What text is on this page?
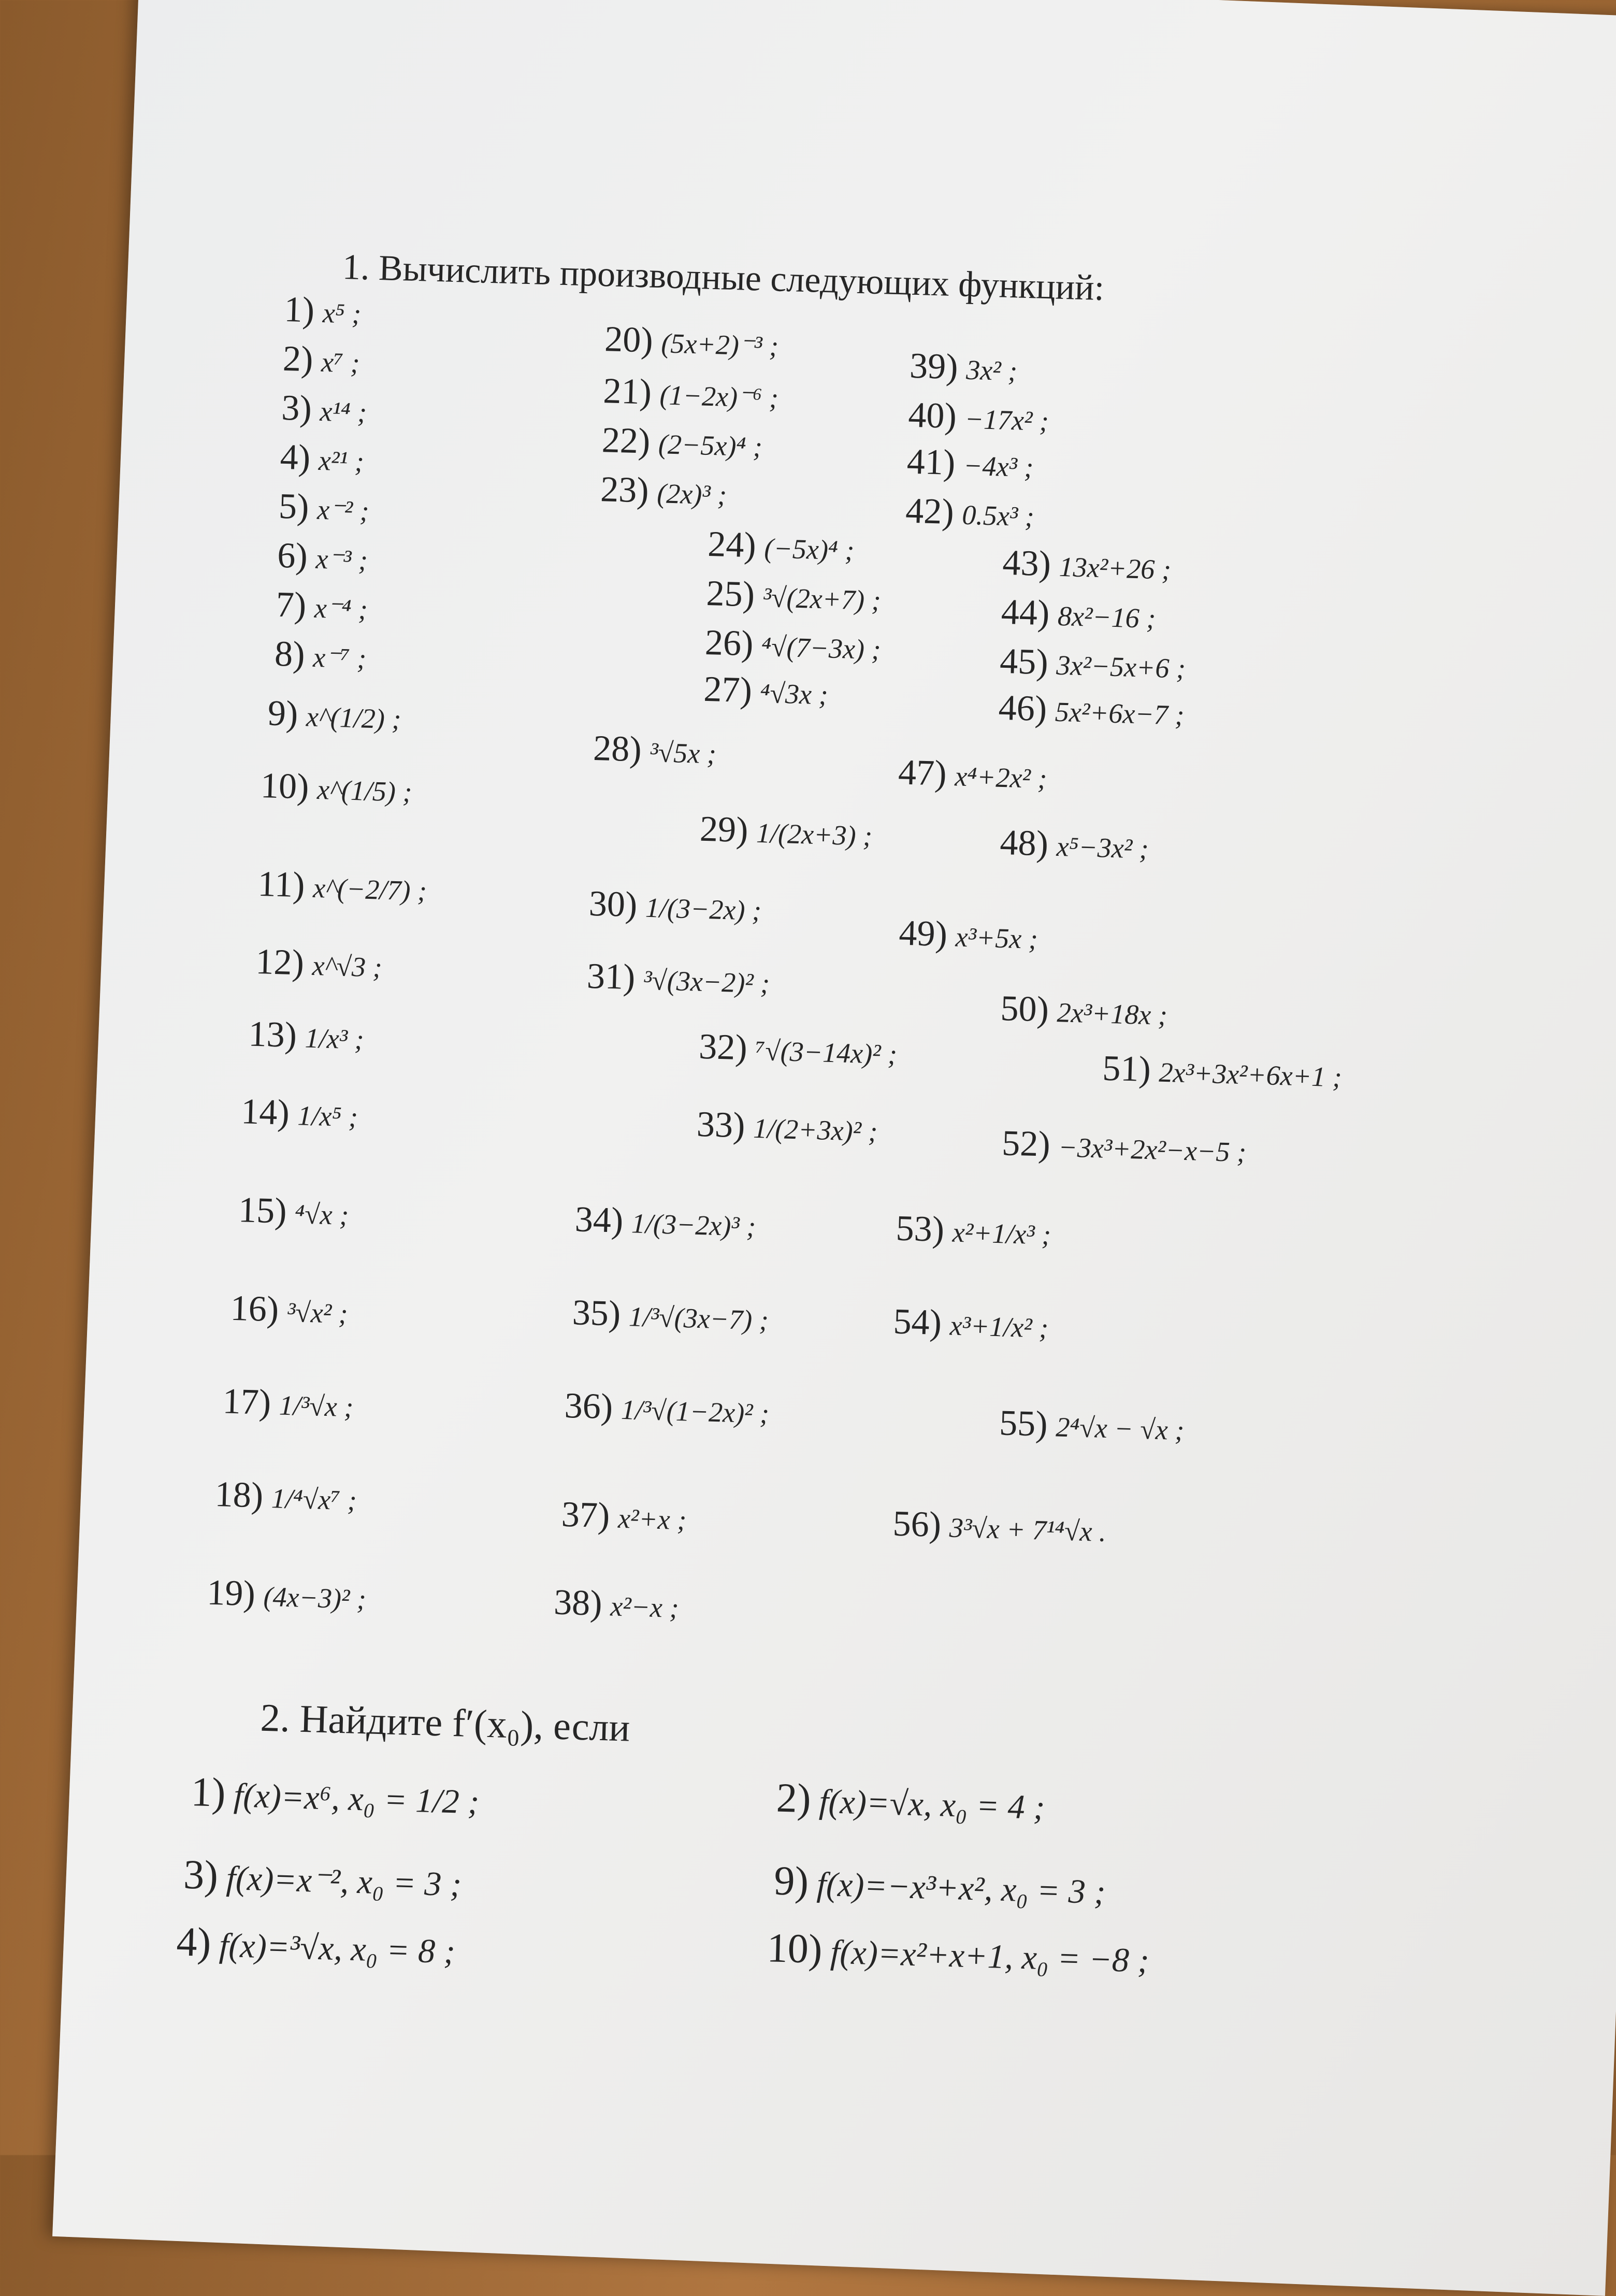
1. Вычислить производные следующих функций:
1) x⁵ ;
2) x⁷ ;
3) x¹⁴ ;
4) x²¹ ;
5) x⁻² ;
6) x⁻³ ;
7) x⁻⁴ ;
8) x⁻⁷ ;
9) x^(1/2) ;
10) x^(1/5) ;
11) x^(−2/7) ;
12) x^√3 ;
13) 1/x³ ;
14) 1/x⁵ ;
15) ⁴√x ;
16) ³√x² ;
17) 1/³√x ;
18) 1/⁴√x⁷ ;
19) (4x−3)² ;
20) (5x+2)⁻³ ;
21) (1−2x)⁻⁶ ;
22) (2−5x)⁴ ;
23) (2x)³ ;
24) (−5x)⁴ ;
25) ³√(2x+7) ;
26) ⁴√(7−3x) ;
27) ⁴√3x ;
28) ³√5x ;
29) 1/(2x+3) ;
30) 1/(3−2x) ;
31) ³√(3x−2)² ;
32) ⁷√(3−14x)² ;
33) 1/(2+3x)² ;
34) 1/(3−2x)³ ;
35) 1/³√(3x−7) ;
36) 1/³√(1−2x)² ;
37) x²+x ;
38) x²−x ;
39) 3x² ;
40) −17x² ;
41) −4x³ ;
42) 0.5x³ ;
43) 13x²+26 ;
44) 8x²−16 ;
45) 3x²−5x+6 ;
46) 5x²+6x−7 ;
47) x⁴+2x² ;
48) x⁵−3x² ;
49) x³+5x ;
50) 2x³+18x ;
51) 2x³+3x²+6x+1 ;
52) −3x³+2x²−x−5 ;
53) x²+1/x³ ;
54) x³+1/x² ;
55) 2⁴√x − √x ;
56) 3³√x + 7¹⁴√x .
2. Найдите f′(x₀), если
1) f(x)=x⁶, x₀ = 1/2 ;	2) f(x)=√x, x₀ = 4 ;
3) f(x)=x⁻², x₀ = 3 ;	9) f(x)=−x³+x², x₀ = 3 ;
4) f(x)=³√x, x₀ = 8 ;	10) f(x)=x²+x+1, x₀ = −8 ;
